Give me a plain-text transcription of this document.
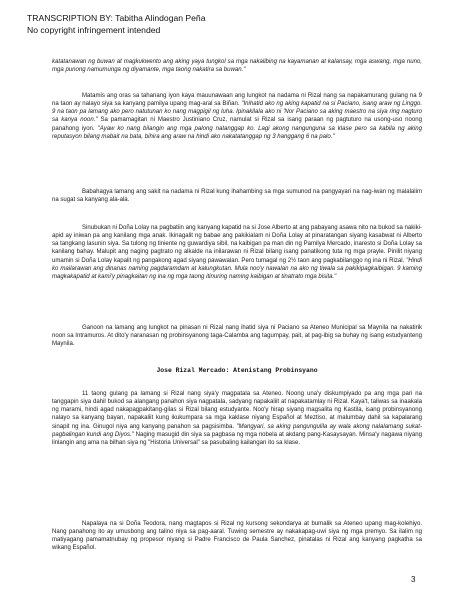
TRANSCRIPTION BY: Tabitha Alindogan Peña
No copyright infringement intended
katatanawan ng buwan at magkukwento ang aking yaya tungkol sa mga nakalibing na kayamanan at kalansay, mga aswang, mga nuno, mga punong namumunga ng diyamante, mga taong nakatira sa buwan."
Matamis ang oras sa tahanang iyon kaya mauunawaan ang lungkot na nadama ni Rizal nang sa napakamurang gulang na 9 na taon ay nalayo siya sa kanyang pamilya upang mag-aral sa Biñan. "Inihatid ako ng aking kapatid na si Paciano, isang araw ng Linggo. 9 na taon pa lamang ako pero natutunan ko nang magpigil ng luha. Ipinakilala ako ni 'Nor Paciano sa aking maestro na siya ring nagturo sa kanya noon." Sa pamamagitan ni Maestro Justiniano Cruz, namulat si Rizal sa isang paraan ng pagtuturo na usong-uso noong panahong iyon. "Ayaw ko nang bilangin ang mga palong natanggap ko. Lagi akong nangunguna sa klase pero sa kabila ng aking reputasyon bilang mabait na bata, bihira ang araw na hindi ako nakatatanggap ng 3 hanggang 6 na palo."
Babahagya lamang ang sakit na nadama ni Rizal kung ihahambing sa mga sumunod na pangyayari na nag-iwan ng malalalim na sugat sa kanyang ala-ala.
Sinubukan ni Doña Lolay na pagbatiin ang kanyang kapatid na si Jose Alberto at ang pabayang asawa nito na bukod sa nakiki-apid ay iniwan pa ang kanilang mga anak. Ikinagalit ng babae ang pakikialam ni Doña Lolay at pinaratangan siyang kasabwat ni Alberto sa tangkang lasunin siya. Sa tulong ng tiniente ng guwardiya sibil, na kaibigan pa man din ng Pamilya Mercado, inaresto si Doña Lolay sa kanilang bahay. Malupit ang naging pagtrato ng alkalde na inilarawan ni Rizal bilang isang panatikong tuta ng mga prayle. Pinilit niyang umamin si Doña Lolay kapalit ng pangakong agad siyang pawawalan. Pero tumagal ng 2½ taon ang pagkabilanggo ng ina ni Rizal. "Hindi ko mailarawan ang dinanas naming pagdaramdam at kalungkutan. Mula noo'y nawalan na ako ng tiwala sa pakikipagkaibigan. 9 kaming magkakapatid at kami'y pinagkaitan ng ina ng mga taong itinuring naming kaibigan at tinatrato mga bisita."
Ganoon na lamang ang lungkot na pinasan ni Rizal nang ihatid siya ni Paciano sa Ateneo Municipal sa Maynila na nakatirik noon sa Intramuros. At dito'y naranasan ng probinsyanong taga-Calamba ang tagumpay, pait, at pag-ibig sa buhay ng isang estudyanteng Maynila.
Jose Rizal Mercado: Atenistang Probinsyano
11 taong gulang pa lamang si Rizal nang siya'y magpatala sa Ateneo. Noong una'y diskumpiyado pa ang mga pari na tanggapin siya dahil bukod sa alangang panahon siya nagpatala, sadyang napakaliit at napakatamlay ni Rizal. Kaya't, taliwas sa inaakala ng marami, hindi agad nakapagpakitang-gilas si Rizal bilang estudyante. Noo'y hirap siyang magsalita ng Kastila, isang probinsyanong nalayo sa kanyang bayan, napakaliit kung ikukumpara sa mga kaklase niyang Español at Meztiso, at malumbay dahil sa kapalarang sinapit ng ina. Ginugol niya ang kanyang panahon sa pagsisimba. "Mangyari, sa aking pangungulila ay wala akong nalalamang sukat-pagbalingan kundi ang Diyos." Naging masugid din siya sa pagbasa ng mga nobela at akdang pang-Kasaysayan. Minsa'y nagawa niyang linlangin ang ama na bilhan siya ng "Historia Universal" sa pasubaling kailangan ito sa klase.
Napalaya na si Doña Teodora, nang magtapos si Rizal ng kursong sekondarya at bumalik sa Ateneo upang mag-kolehiyo. Nang panahong ito ay umusbong ang talino niya sa pag-aaral. Tuwing semestre ay nakakapag-uwi siya ng mga premyo. Sa ilalim ng matiyagang pamamatnubay ng propesor niyang si Padre Francisco de Paula Sanchez, pinatalas ni Rizal ang kanyang pagkatha sa wikang Español.
3
